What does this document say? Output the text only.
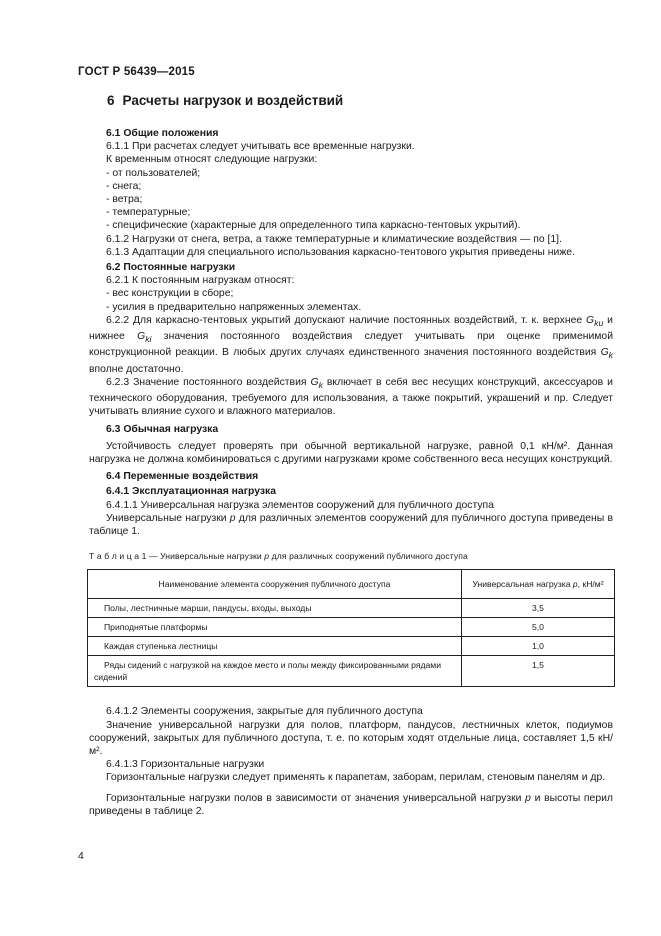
ГОСТ Р 56439—2015
6 Расчеты нагрузок и воздействий

6.1 Общие положения

6.1.1 При расчетах следует учитывать все временные нагрузки.

К временным относят следующие нагрузки:

- от пользователей;

- снега;

- ветра;

- температурные;

- специфические (характерные для определенного типа каркасно-тентовых укрытий).

6.1.2 Нагрузки от снега, ветра, а также температурные и климатические воздействия — по [1].

6.1.3 Адаптации для специального использования каркасно-тентового укрытия приведены ниже.

6.2 Постоянные нагрузки

6.2.1 К постоянным нагрузкам относят:

- вес конструкции в сборе;

- усилия в предварительно напряженных элементах.

6.2.2 Для каркасно-тентовых укрытий допускают наличие постоянных воздействий, т. к. верхнее $G_{ku}$ и нижнее $G_{ki}$ значения постоянного воздействия следует учитывать при оценке применимой конструкционной реакции. В любых других случаях единственного значения постоянного воздействия $G_k$ вполне достаточно.

6.2.3 Значение постоянного воздействия $G_k$ включает в себя вес несущих конструкций, аксессуаров и технического оборудования, требуемого для использования, а также покрытий, украшений и пр. Следует учитывать влияние сухого и влажного материалов.

6.3 Обычная нагрузка

Устойчивость следует проверять при обычной вертикальной нагрузке, равной 0,1 кН/м². Данная нагрузка не должна комбинироваться с другими нагрузками кроме собственного веса несущих конструкций.

6.4 Переменные воздействия

6.4.1 Эксплуатационная нагрузка

6.4.1.1 Универсальная нагрузка элементов сооружений для публичного доступа

Универсальные нагрузки p для различных элементов сооружений для публичного доступа приведены в таблице 1.

Т а б л и ц а 1 — Универсальные нагрузки p для различных сооружений публичного доступа

Наименование элемента сооружения публичного доступа	Универсальная нагрузка p, кН/м²
Полы, лестничные марши, пандусы, входы, выходы	3,5
Приподнятые платформы	5,0
Каждая ступенька лестницы	1,0
Ряды сидений с нагрузкой на каждое место и полы между фиксированными рядами сидений	1,5

6.4.1.2 Элементы сооружения, закрытые для публичного доступа

Значение универсальной нагрузки для полов, платформ, пандусов, лестничных клеток, подиумов сооружений, закрытых для публичного доступа, т. е. по которым ходят отдельные лица, составляет 1,5 кН/м².

6.4.1.3 Горизонтальные нагрузки

Горизонтальные нагрузки следует применять к парапетам, заборам, перилам, стеновым панелям и др.

Горизонтальные нагрузки полов в зависимости от значения универсальной нагрузки p и высоты перил приведены в таблице 2.

4
